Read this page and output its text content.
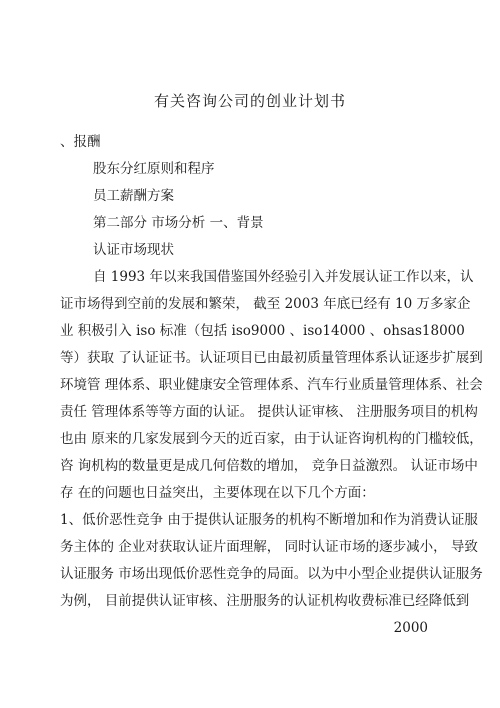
有关咨询公司的创业计划书
、报酬
股东分红原则和程序
员工薪酬方案
第二部分 市场分析 一、背景
认证市场现状
自 1993 年以来我国借鉴国外经验引入并发展认证工作以来，认
证市场得到空前的发展和繁荣， 截至 2003 年底已经有 10 万多家企
业 积极引入 iso 标准（包括 iso9000 、iso14000 、ohsas18000
等）获取 了认证证书。认证项目已由最初质量管理体系认证逐步扩展到
环境管 理体系、职业健康安全管理体系、汽车行业质量管理体系、社会
责任 管理体系等等方面的认证。 提供认证审核、 注册服务项目的机构
也由 原来的几家发展到今天的近百家，由于认证咨询机构的门槛较低，
咨 询机构的数量更是成几何倍数的增加， 竞争日益激烈。 认证市场中
存 在的问题也日益突出，主要体现在以下几个方面：
1、低价恶性竞争 由于提供认证服务的机构不断增加和作为消费认证服
务主体的 企业对获取认证片面理解， 同时认证市场的逐步减小， 导致
认证服务 市场出现低价恶性竞争的局面。以为中小型企业提供认证服务
为例， 目前提供认证审核、注册服务的认证机构收费标准已经降低到
2000
